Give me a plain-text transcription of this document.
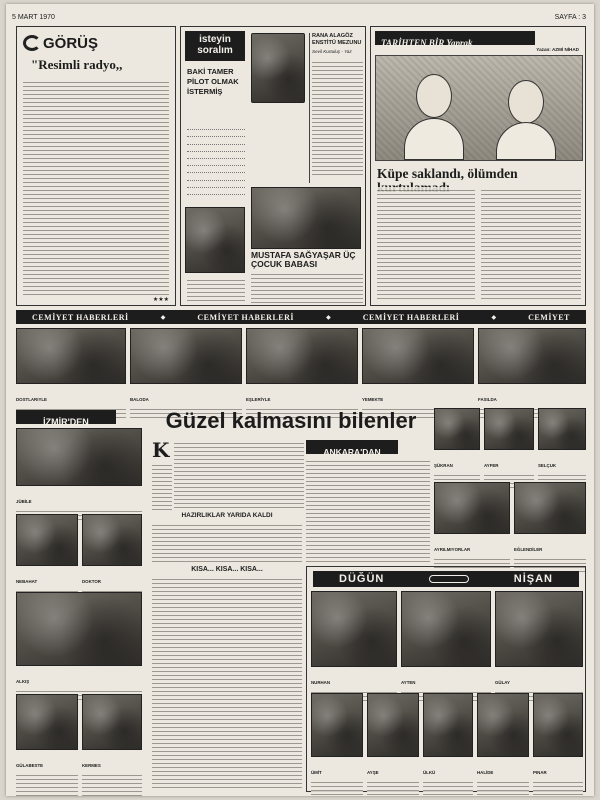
5 MART 1970	SAYFA : 3
GÖRÜŞ
"Resimli radyo,,
★★★
isteyin
soralım
BAKİ TAMER PİLOT OLMAK İSTERMİŞ

RANA ALAGÖZ ENSTİTÜ MEZUNU
Sevil Kurtuluş - Yaz
MUSTAFA SAĞYAŞAR ÜÇ ÇOCUK BABASI
TARİHTEN BİR Yaprak
Yazan: AZMİ NİHAD
Küpe saklandı, ölümden
CEMİYET HABERLERİ	◆	CEMİYET HABERLERİ	◆	CEMİYET HABERLERİ	◆	CEMİYET
DOSTLARIYLE	BALODA	EŞLERİYLE	YEMEKTE	FASILDA
İZMİR'DEN
JÜBİLE
NEBAHAT	DOKTOR
ALKIŞ
GÜLABESTE	KERMES
Güzel kalmasını bilenler
K
HAZIRLIKLAR YARIDA KALDI
KISA... KISA... KISA...
ANKARA'DAN
ŞÜKRAN	AYFER	SELÇUK
AYRILMIYORLAR	EĞLENDİLER
DÜĞÜN	NİŞAN
NURHAN	AYTEN	GÜLAY
ÜMİT	AYŞE	ÜLKÜ	HALİDE	PINAR
